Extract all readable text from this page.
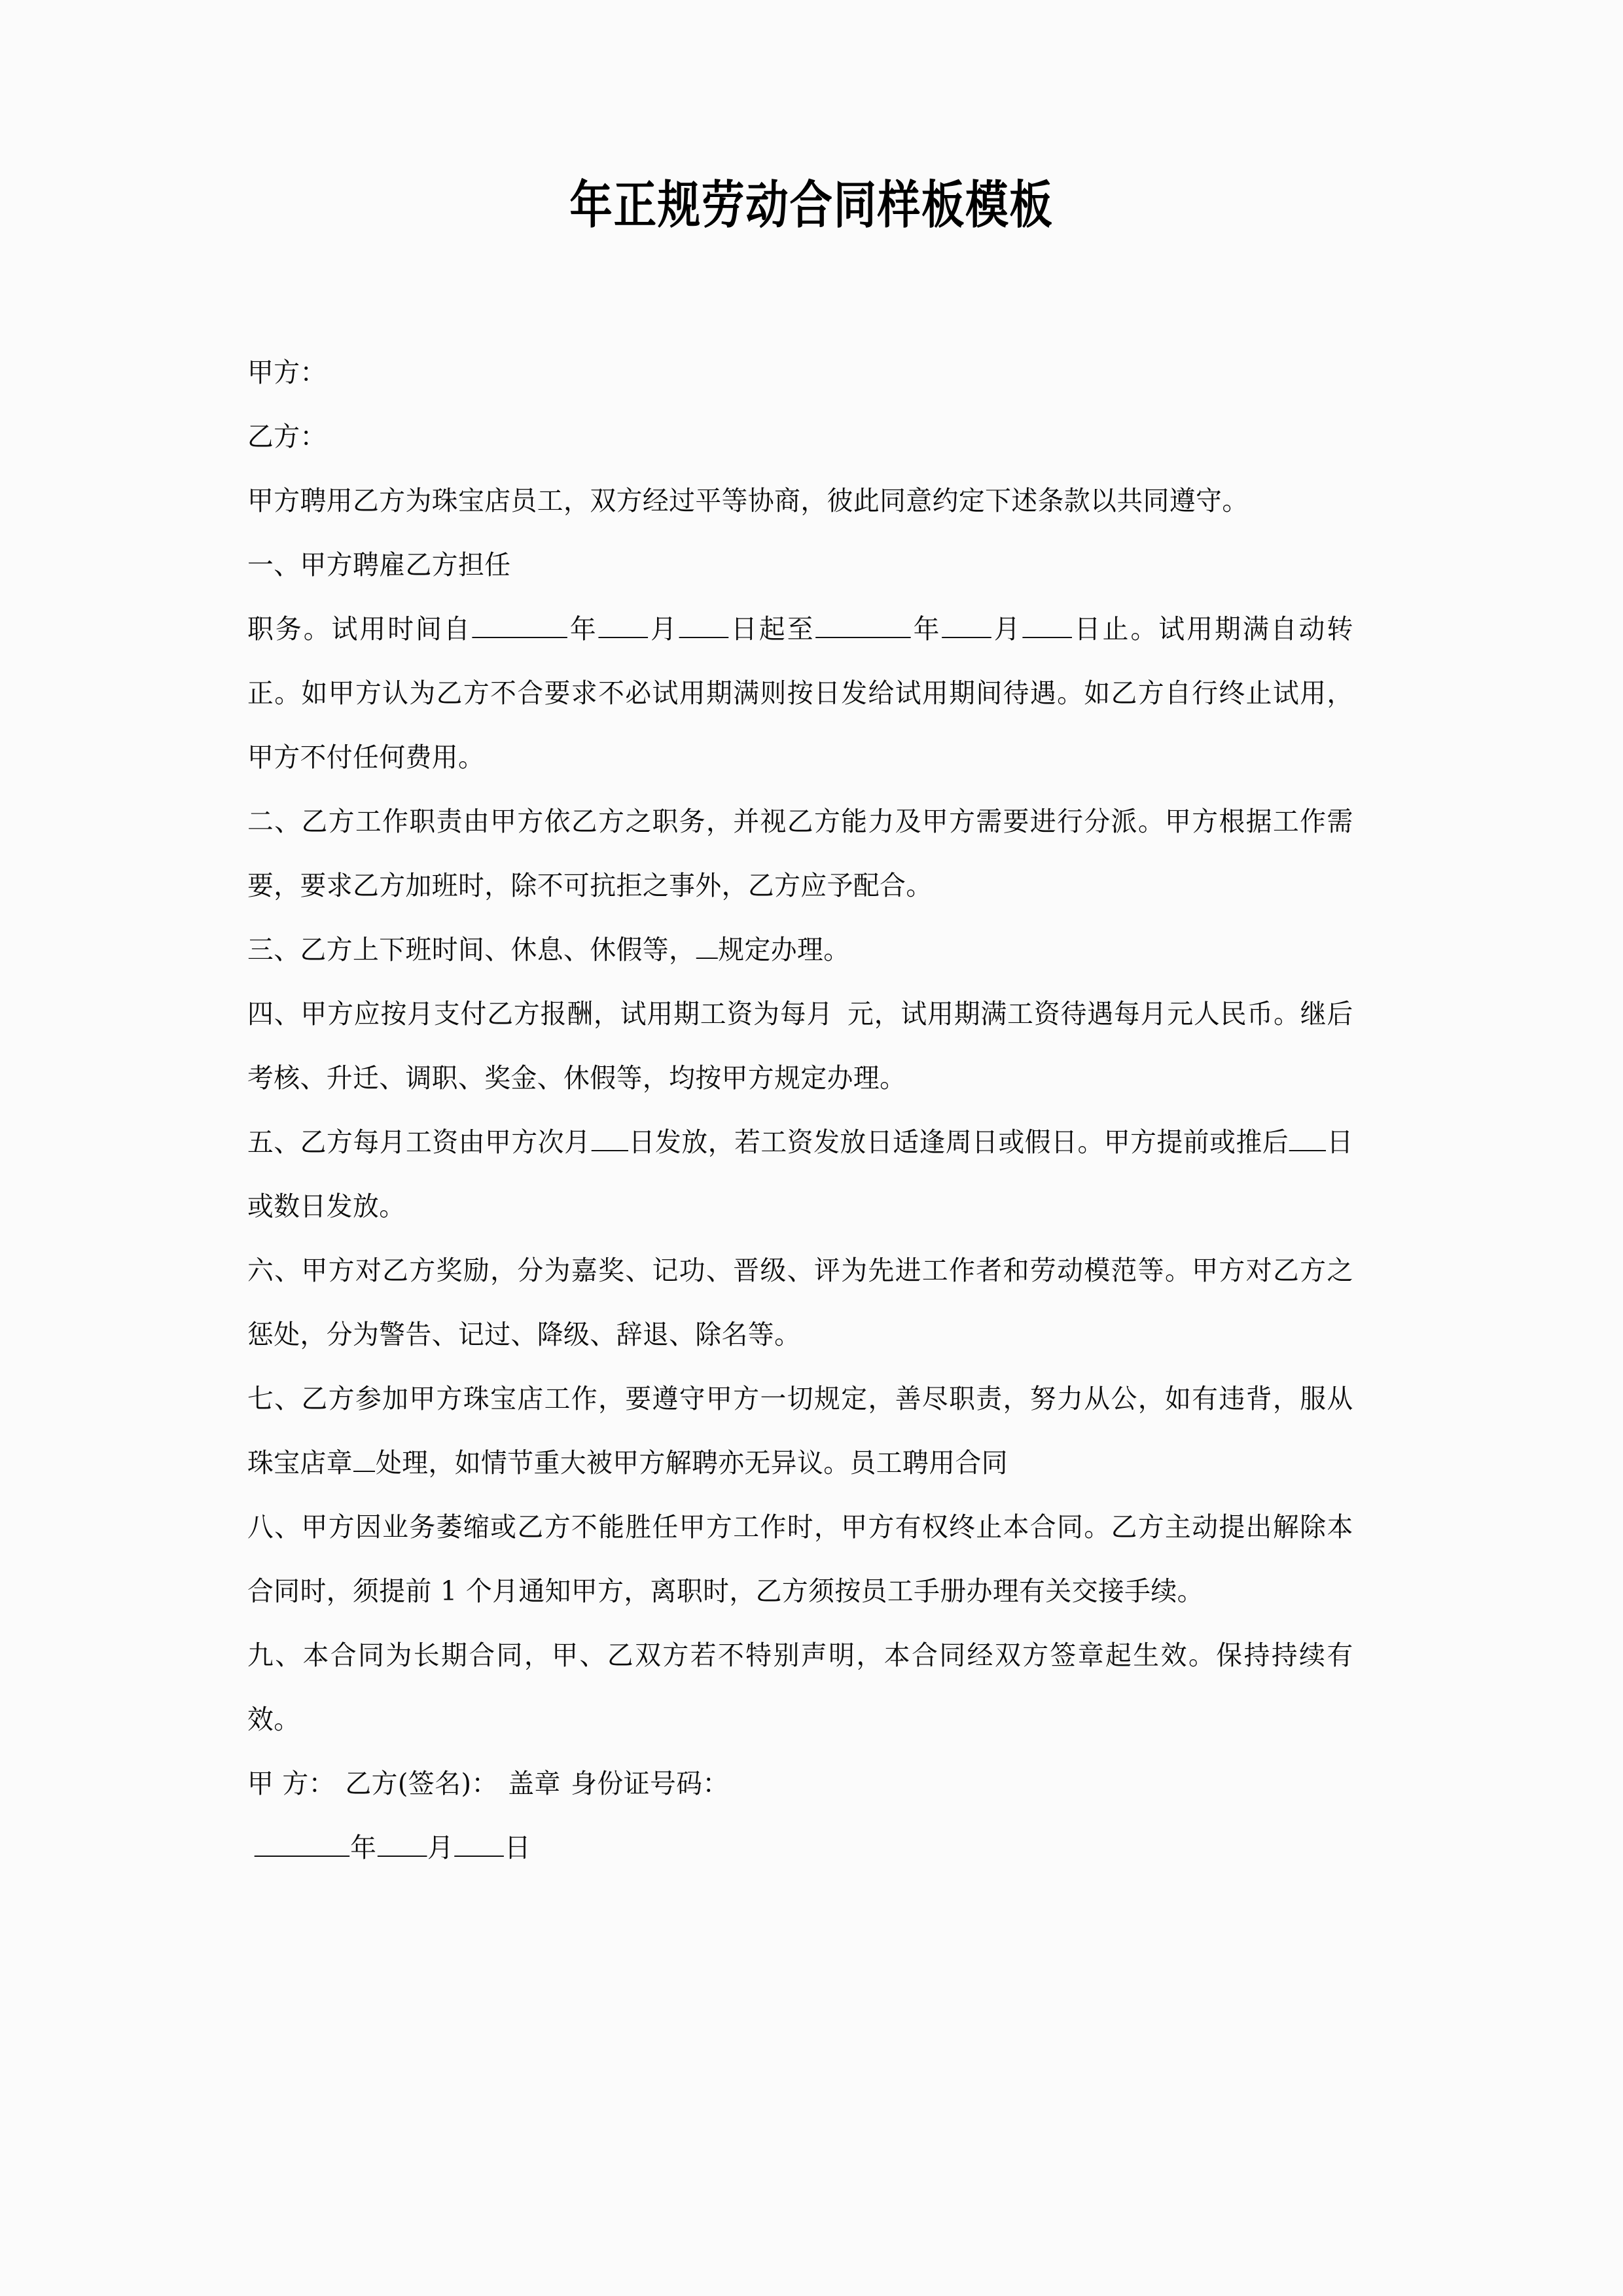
年正规劳动合同样板模板

甲方：

乙方：

甲方聘用乙方为珠宝店员工，双方经过平等协商，彼此同意约定下述条款以共同遵守。

一、甲方聘雇乙方担任

职务。试用时间自	年 月 日起至	年 月 日止。试用期满自动转正。如甲方认为乙方不合要求不必试用期满则按日发给试用期间待遇。如乙方自行终止试用，甲方不付任何费用。

二、乙方工作职责由甲方依乙方之职务，并视乙方能力及甲方需要进行分派。甲方根据工作需要，要求乙方加班时，除不可抗拒之事外，乙方应予配合。

三、乙方上下班时间、休息、休假等， 规定办理。

四、甲方应按月支付乙方报酬，试用期工资为每月 元，试用期满工资待遇每月元人民币。继后考核、升迁、调职、奖金、休假等，均按甲方规定办理。

五、乙方每月工资由甲方次月 日发放，若工资发放日适逢周日或假日。甲方提前或推后 日或数日发放。

六、甲方对乙方奖励，分为嘉奖、记功、晋级、评为先进工作者和劳动模范等。甲方对乙方之惩处，分为警告、记过、降级、辞退、除名等。

七、乙方参加甲方珠宝店工作，要遵守甲方一切规定，善尽职责，努力从公，如有违背，服从珠宝店章 处理，如情节重大被甲方解聘亦无异议。员工聘用合同

八、甲方因业务萎缩或乙方不能胜任甲方工作时，甲方有权终止本合同。乙方主动提出解除本合同时，须提前 1 个月通知甲方，离职时，乙方须按员工手册办理有关交接手续。

九、本合同为长期合同，甲、乙双方若不特别声明，本合同经双方签章起生效。保持持续有效。

甲 方： 乙方(签名)： 盖章 身份证号码：

年 月 日
